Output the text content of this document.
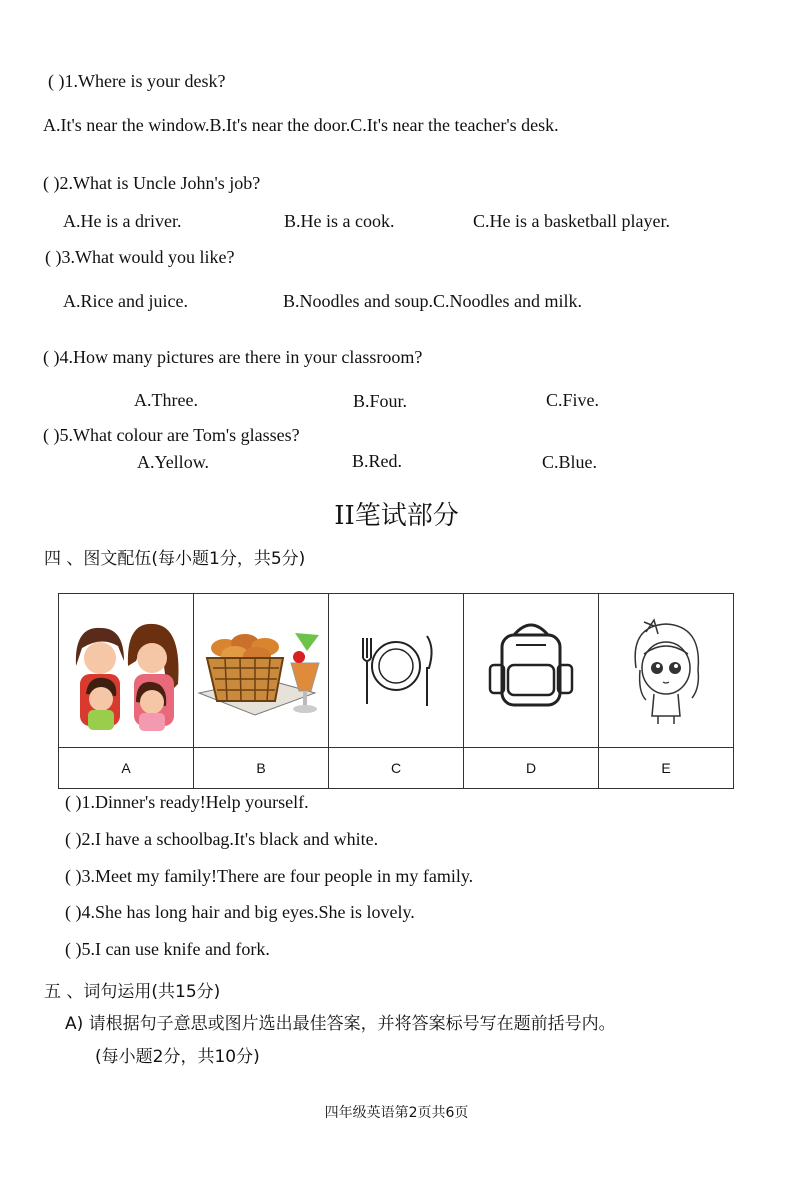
( )1.Where is your desk?
A.It's near the window.B.It's near the door.C.It's near the teacher's desk.
( )2.What is Uncle John's job?
A.He is a driver.	B.He is a cook.	C.He is a basketball player.
( )3.What would you like?
A.Rice and juice.	B.Noodles and soup.C.Noodles and milk.
( )4.How many pictures are there in your classroom?
A.Three.	B.Four.	C.Five.
( )5.What colour are Tom's glasses?
A.Yellow.	B.Red.	C.Blue.
II笔试部分
四 、图文配伍(每小题1分，共5分)

A	B	C	D	E
( )1.Dinner's ready!Help yourself.
( )2.I have a schoolbag.It's black and white.
( )3.Meet my family!There are four people in my family.
( )4.She has long hair and big eyes.She is lovely.
( )5.I can use knife and fork.
五 、词句运用(共15分)
A) 请根据句子意思或图片选出最佳答案，并将答案标号写在题前括号内。
(每小题2分，共10分)
四年级英语第2页共6页
